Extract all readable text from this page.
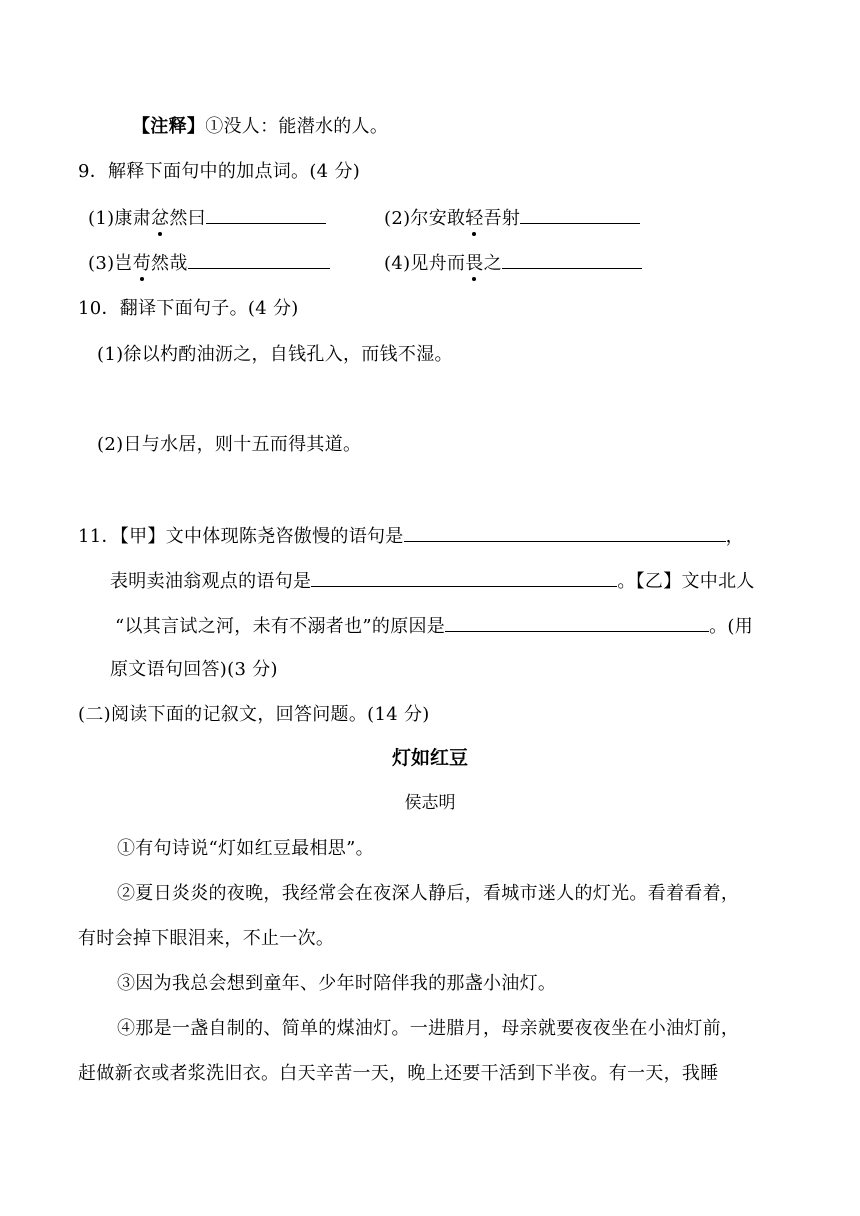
【注释】①没人：能潜水的人。
9．解释下面句中的加点词。(4 分)
(1)康肃忿然曰	(2)尔安敢轻吾射
(3)岂苟然哉	(4)见舟而畏之
10．翻译下面句子。(4 分)
(1)徐以杓酌油沥之，自钱孔入，而钱不湿。
(2)日与水居，则十五而得其道。
11．【甲】文中体现陈尧咨傲慢的语句是	，
表明卖油翁观点的语句是	。【乙】文中北人
“以其言试之河，未有不溺者也”的原因是	。(用
原文语句回答)(3 分)
(二)阅读下面的记叙文，回答问题。(14 分)
灯如红豆
侯志明
①有句诗说“灯如红豆最相思”。
②夏日炎炎的夜晚，我经常会在夜深人静后，看城市迷人的灯光。看着看着，
有时会掉下眼泪来，不止一次。
③因为我总会想到童年、少年时陪伴我的那盏小油灯。
④那是一盏自制的、简单的煤油灯。一进腊月，母亲就要夜夜坐在小油灯前，
赶做新衣或者浆洗旧衣。白天辛苦一天，晚上还要干活到下半夜。有一天，我睡
